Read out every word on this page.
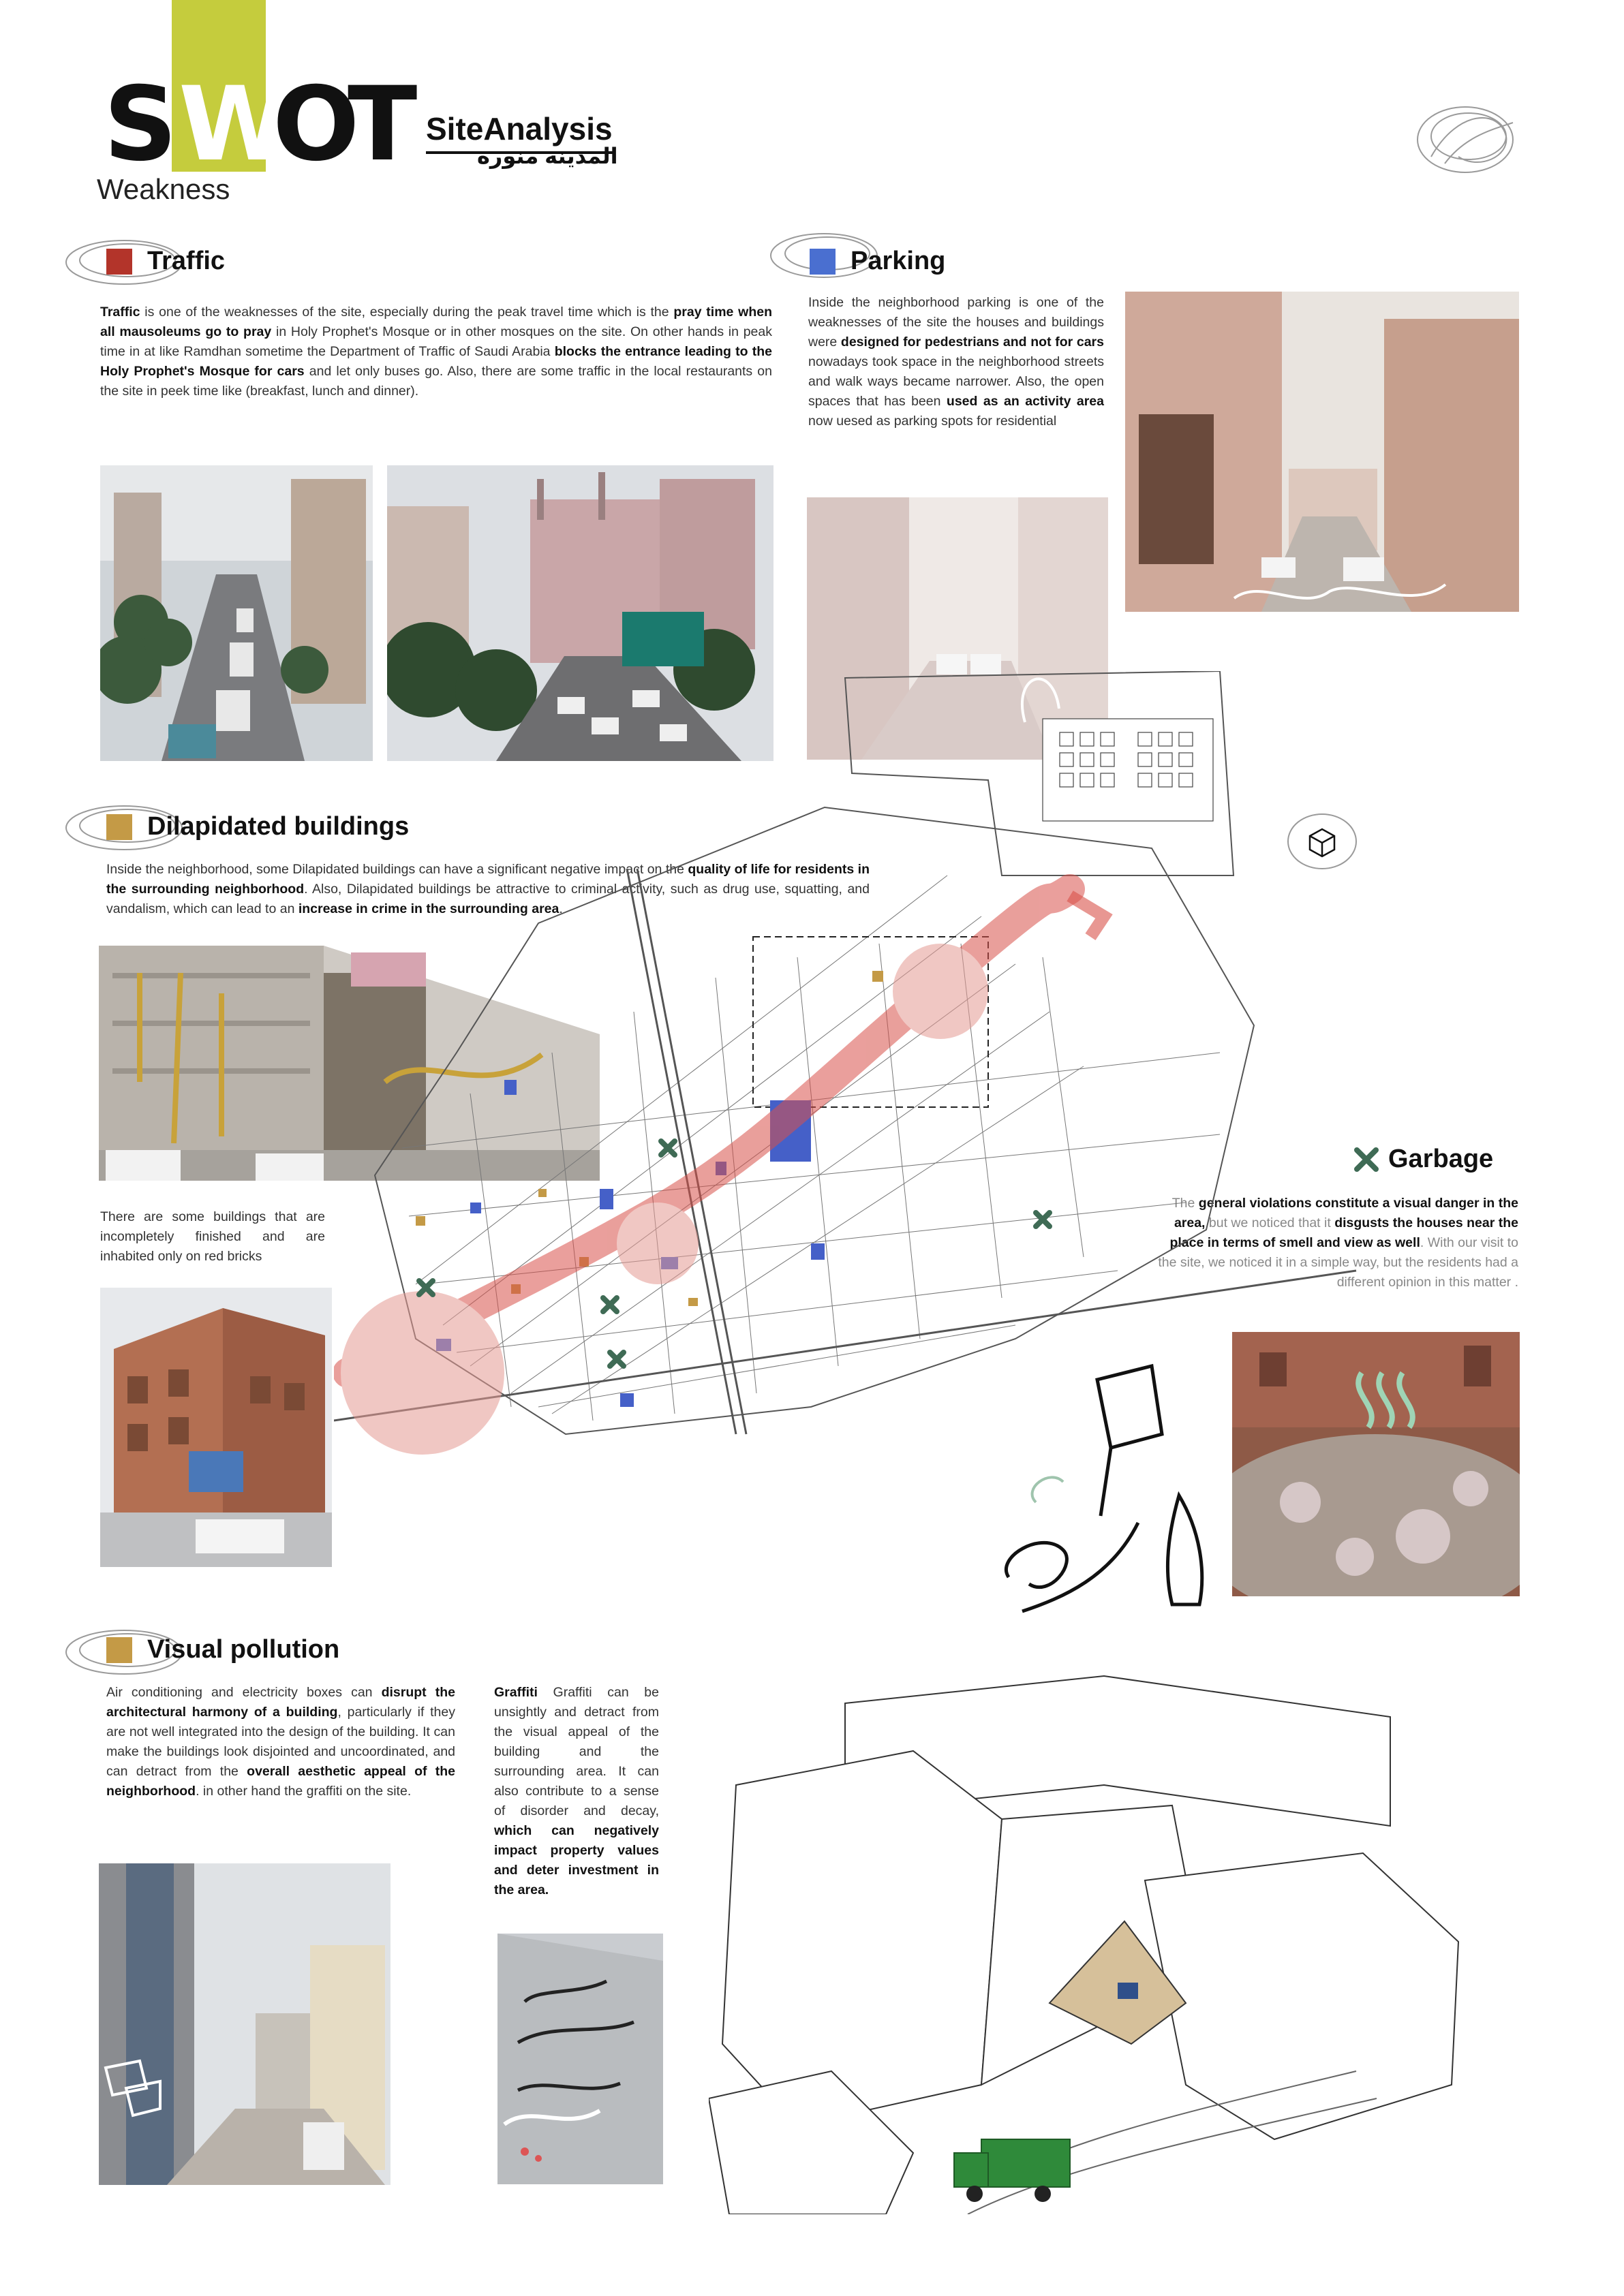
S W
O
T
Weakness
SiteAnalysis
المدينة منورة
Traffic
Traffic is one of the weaknesses of the site, especially during the peak travel time which is the pray time when all mausoleums go to pray in Holy Prophet's Mosque or in other mosques on the site. On other hands in peak time in at like Ramdhan sometime the Department of Traffic of Saudi Arabia blocks the entrance leading to the Holy Prophet's Mosque for cars and let only buses go. Also, there are some traffic in the local restaurants on the site in peek time like (breakfast, lunch and dinner).
Parking
Inside the neighborhood parking is one of the weaknesses of the site the houses and buildings were designed for pedestrians and not for cars nowadays took space in the neighborhood streets and walk ways became narrower. Also, the open spaces that has been used as an activity area now uesed as parking spots for residential
Dilapidated buildings
Inside the neighborhood, some Dilapidated buildings can have a significant negative impact on the quality of life for residents in the surrounding neighborhood. Also, Dilapidated buildings be attractive to criminal activity, such as drug use, squatting, and vandalism, which can lead to an increase in crime in the surrounding area.
There are some buildings that are incompletely finished and are inhabited only on red bricks
Garbage
The general violations constitute a visual danger in the area, but we noticed that it disgusts the houses near the place in terms of smell and view as well. With our visit to the site, we noticed it in a simple way, but the residents had a different opinion in this matter .
Visual pollution
Air conditioning and electricity boxes can disrupt the architectural harmony of a building, particularly if they are not well integrated into the design of the building. It can make the buildings look disjointed and uncoordinated, and can detract from the overall aesthetic appeal of the neighborhood. in other hand the graffiti on the site.
Graffiti Graffiti can be unsightly and detract from the visual appeal of the building and the surrounding area. It can also contribute to a sense of disorder and decay, which can negatively impact property values and deter investment in the area.
